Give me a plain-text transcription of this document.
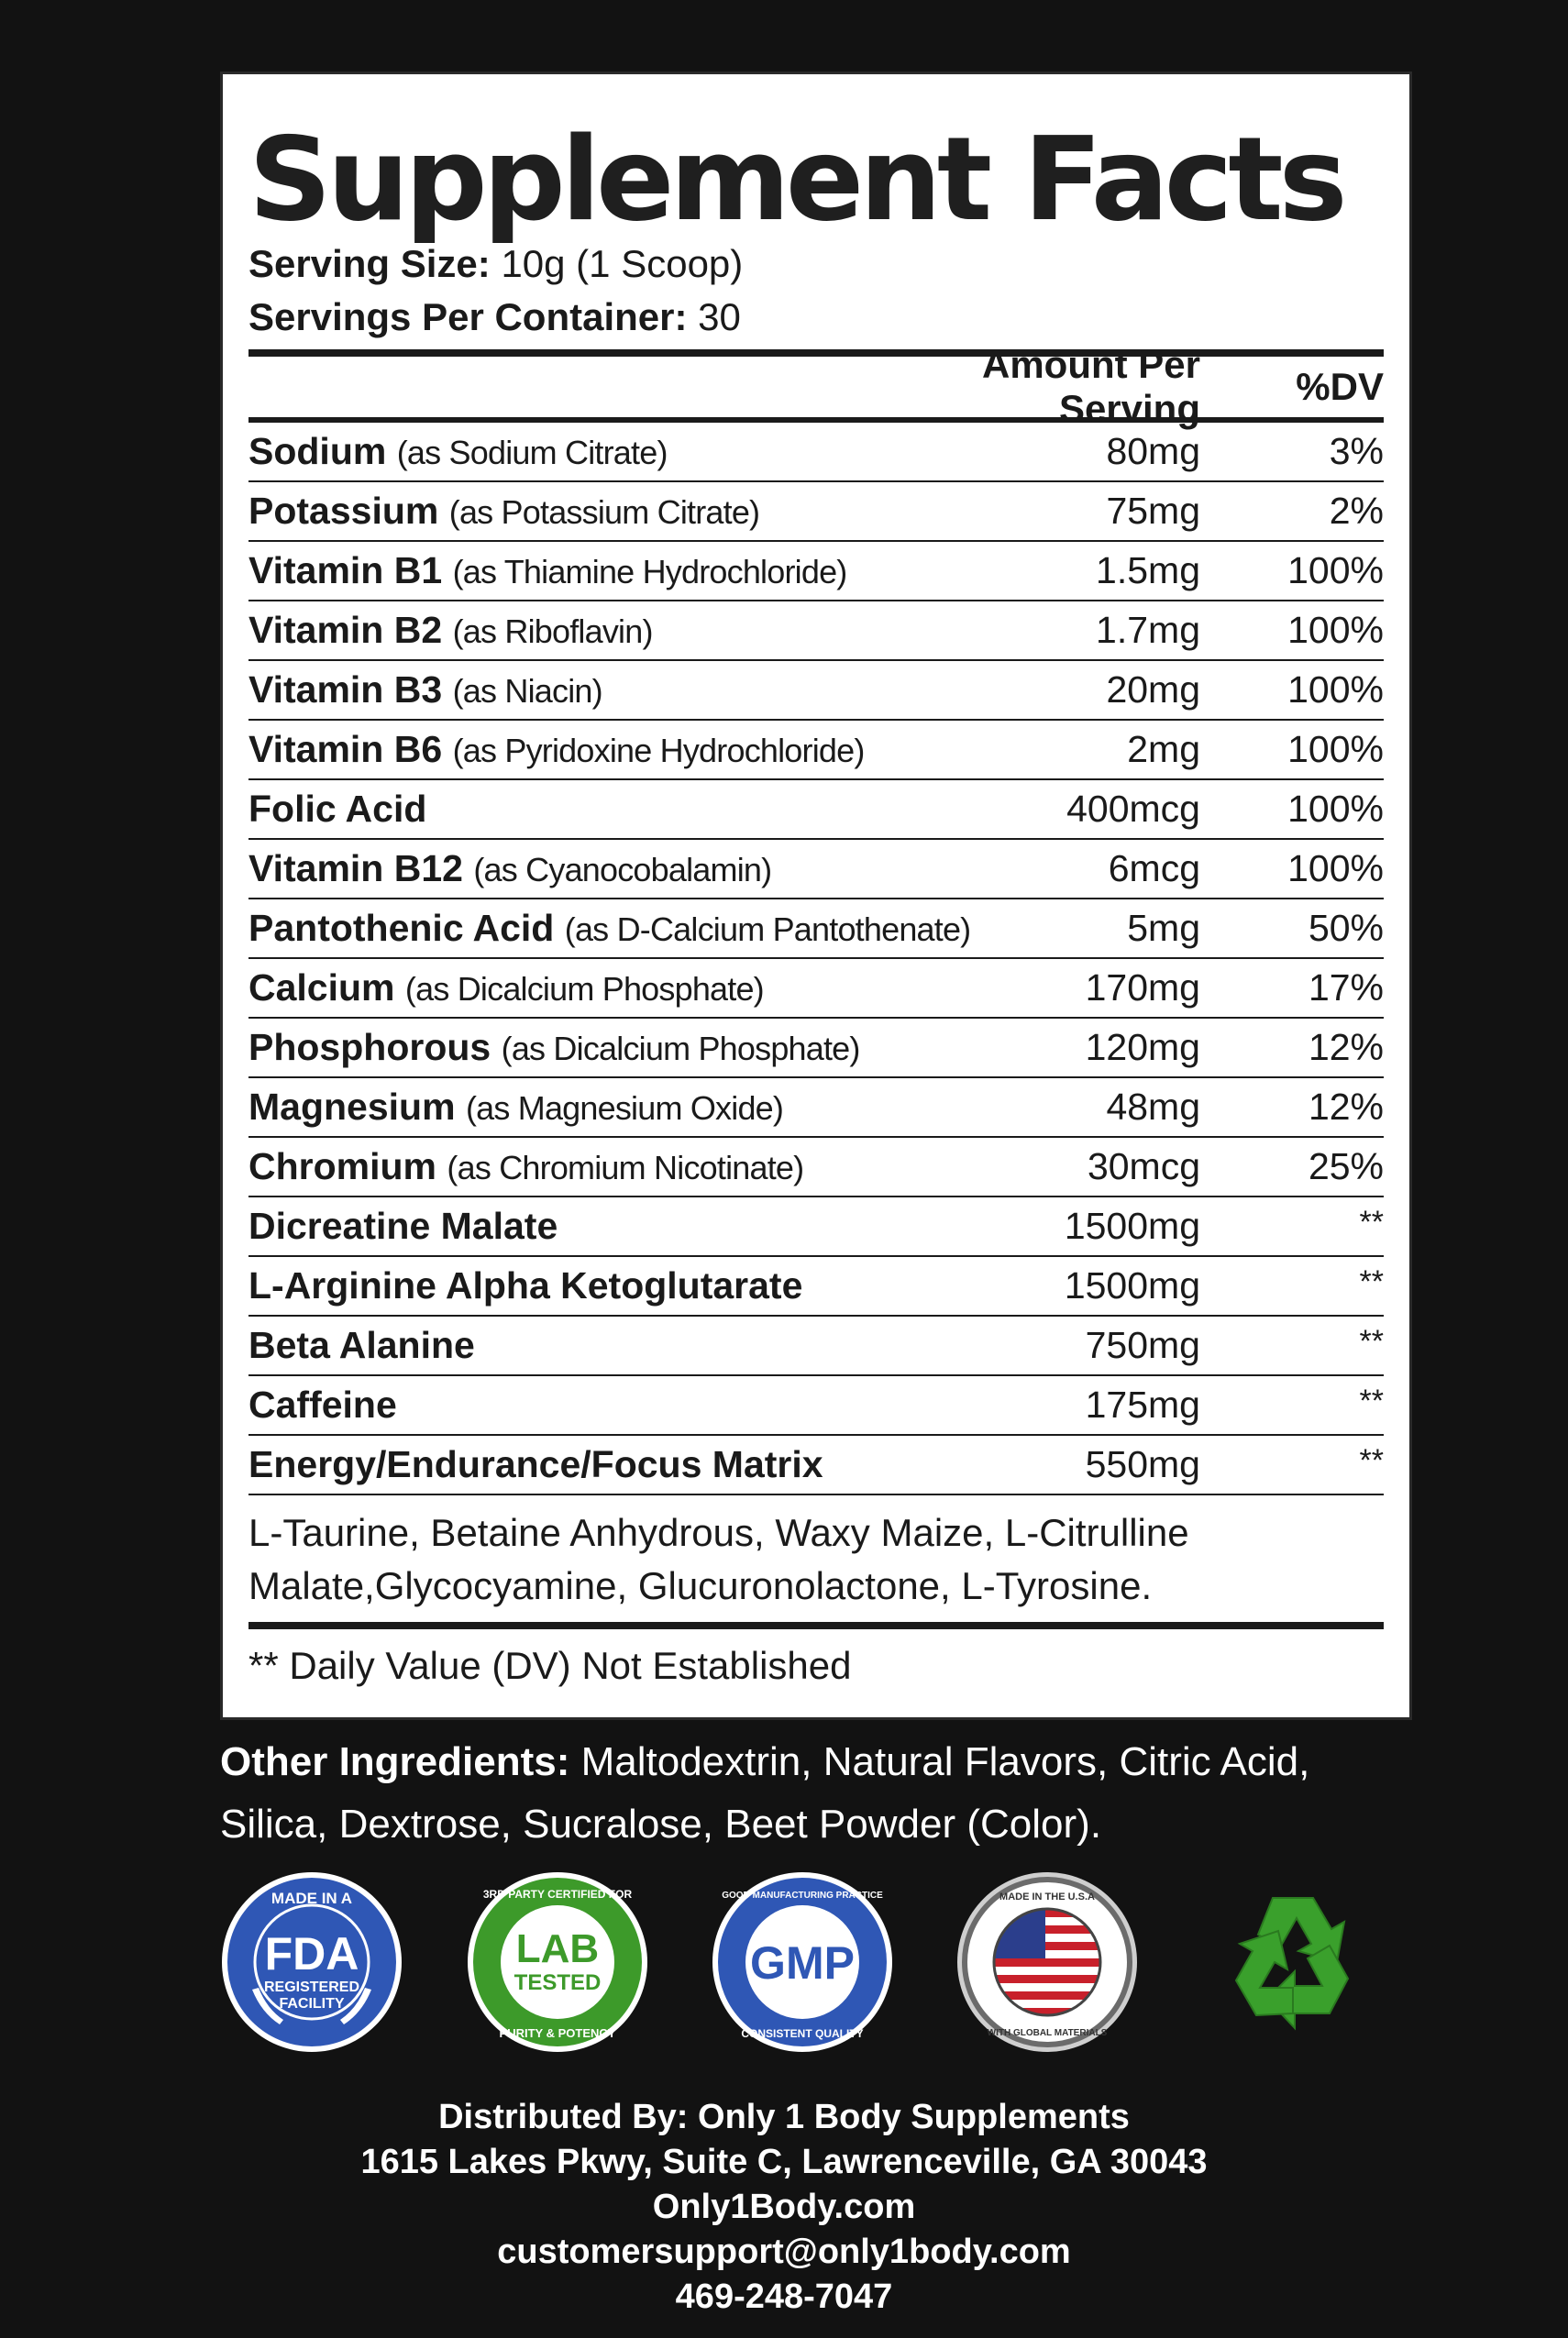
Supplement Facts
Serving Size: 10g (1 Scoop)
Servings Per Container: 30
Amount Per Serving
%DV
Sodium (as Sodium Citrate)	80mg	3%
Potassium (as Potassium Citrate)	75mg	2%
Vitamin B1 (as Thiamine Hydrochloride)	1.5mg	100%
Vitamin B2 (as Riboflavin)	1.7mg	100%
Vitamin B3 (as Niacin)	20mg	100%
Vitamin B6 (as Pyridoxine Hydrochloride)	2mg	100%
Folic Acid	400mcg	100%
Vitamin B12 (as Cyanocobalamin)	6mcg	100%
Pantothenic Acid (as D-Calcium Pantothenate)	5mg	50%
Calcium (as Dicalcium Phosphate)	170mg	17%
Phosphorous (as Dicalcium Phosphate)	120mg	12%
Magnesium (as Magnesium Oxide)	48mg	12%
Chromium (as Chromium Nicotinate)	30mcg	25%
Dicreatine Malate	1500mg	**
L-Arginine Alpha Ketoglutarate	1500mg	**
Beta Alanine	750mg	**
Caffeine	175mg	**
Energy/Endurance/Focus Matrix	550mg	**
L-Taurine, Betaine Anhydrous, Waxy Maize, L-Citrulline
Malate,Glycocyamine, Glucuronolactone, L-Tyrosine.
** Daily Value (DV) Not Established
Other Ingredients: Maltodextrin, Natural Flavors, Citric Acid,
Silica, Dextrose, Sucralose, Beet Powder (Color).
MADE IN A
FDA
REGISTERED
FACILITY
3RD PARTY CERTIFIED FOR
LAB
TESTED
PURITY & POTENCY
GOOD MANUFACTURING PRACTICE
GMP
CONSISTENT QUALITY
MADE IN THE U.S.A
WITH GLOBAL MATERIALS
Distributed By: Only 1 Body Supplements
1615 Lakes Pkwy, Suite C, Lawrenceville, GA 30043
Only1Body.com
customersupport@only1body.com
469-248-7047
